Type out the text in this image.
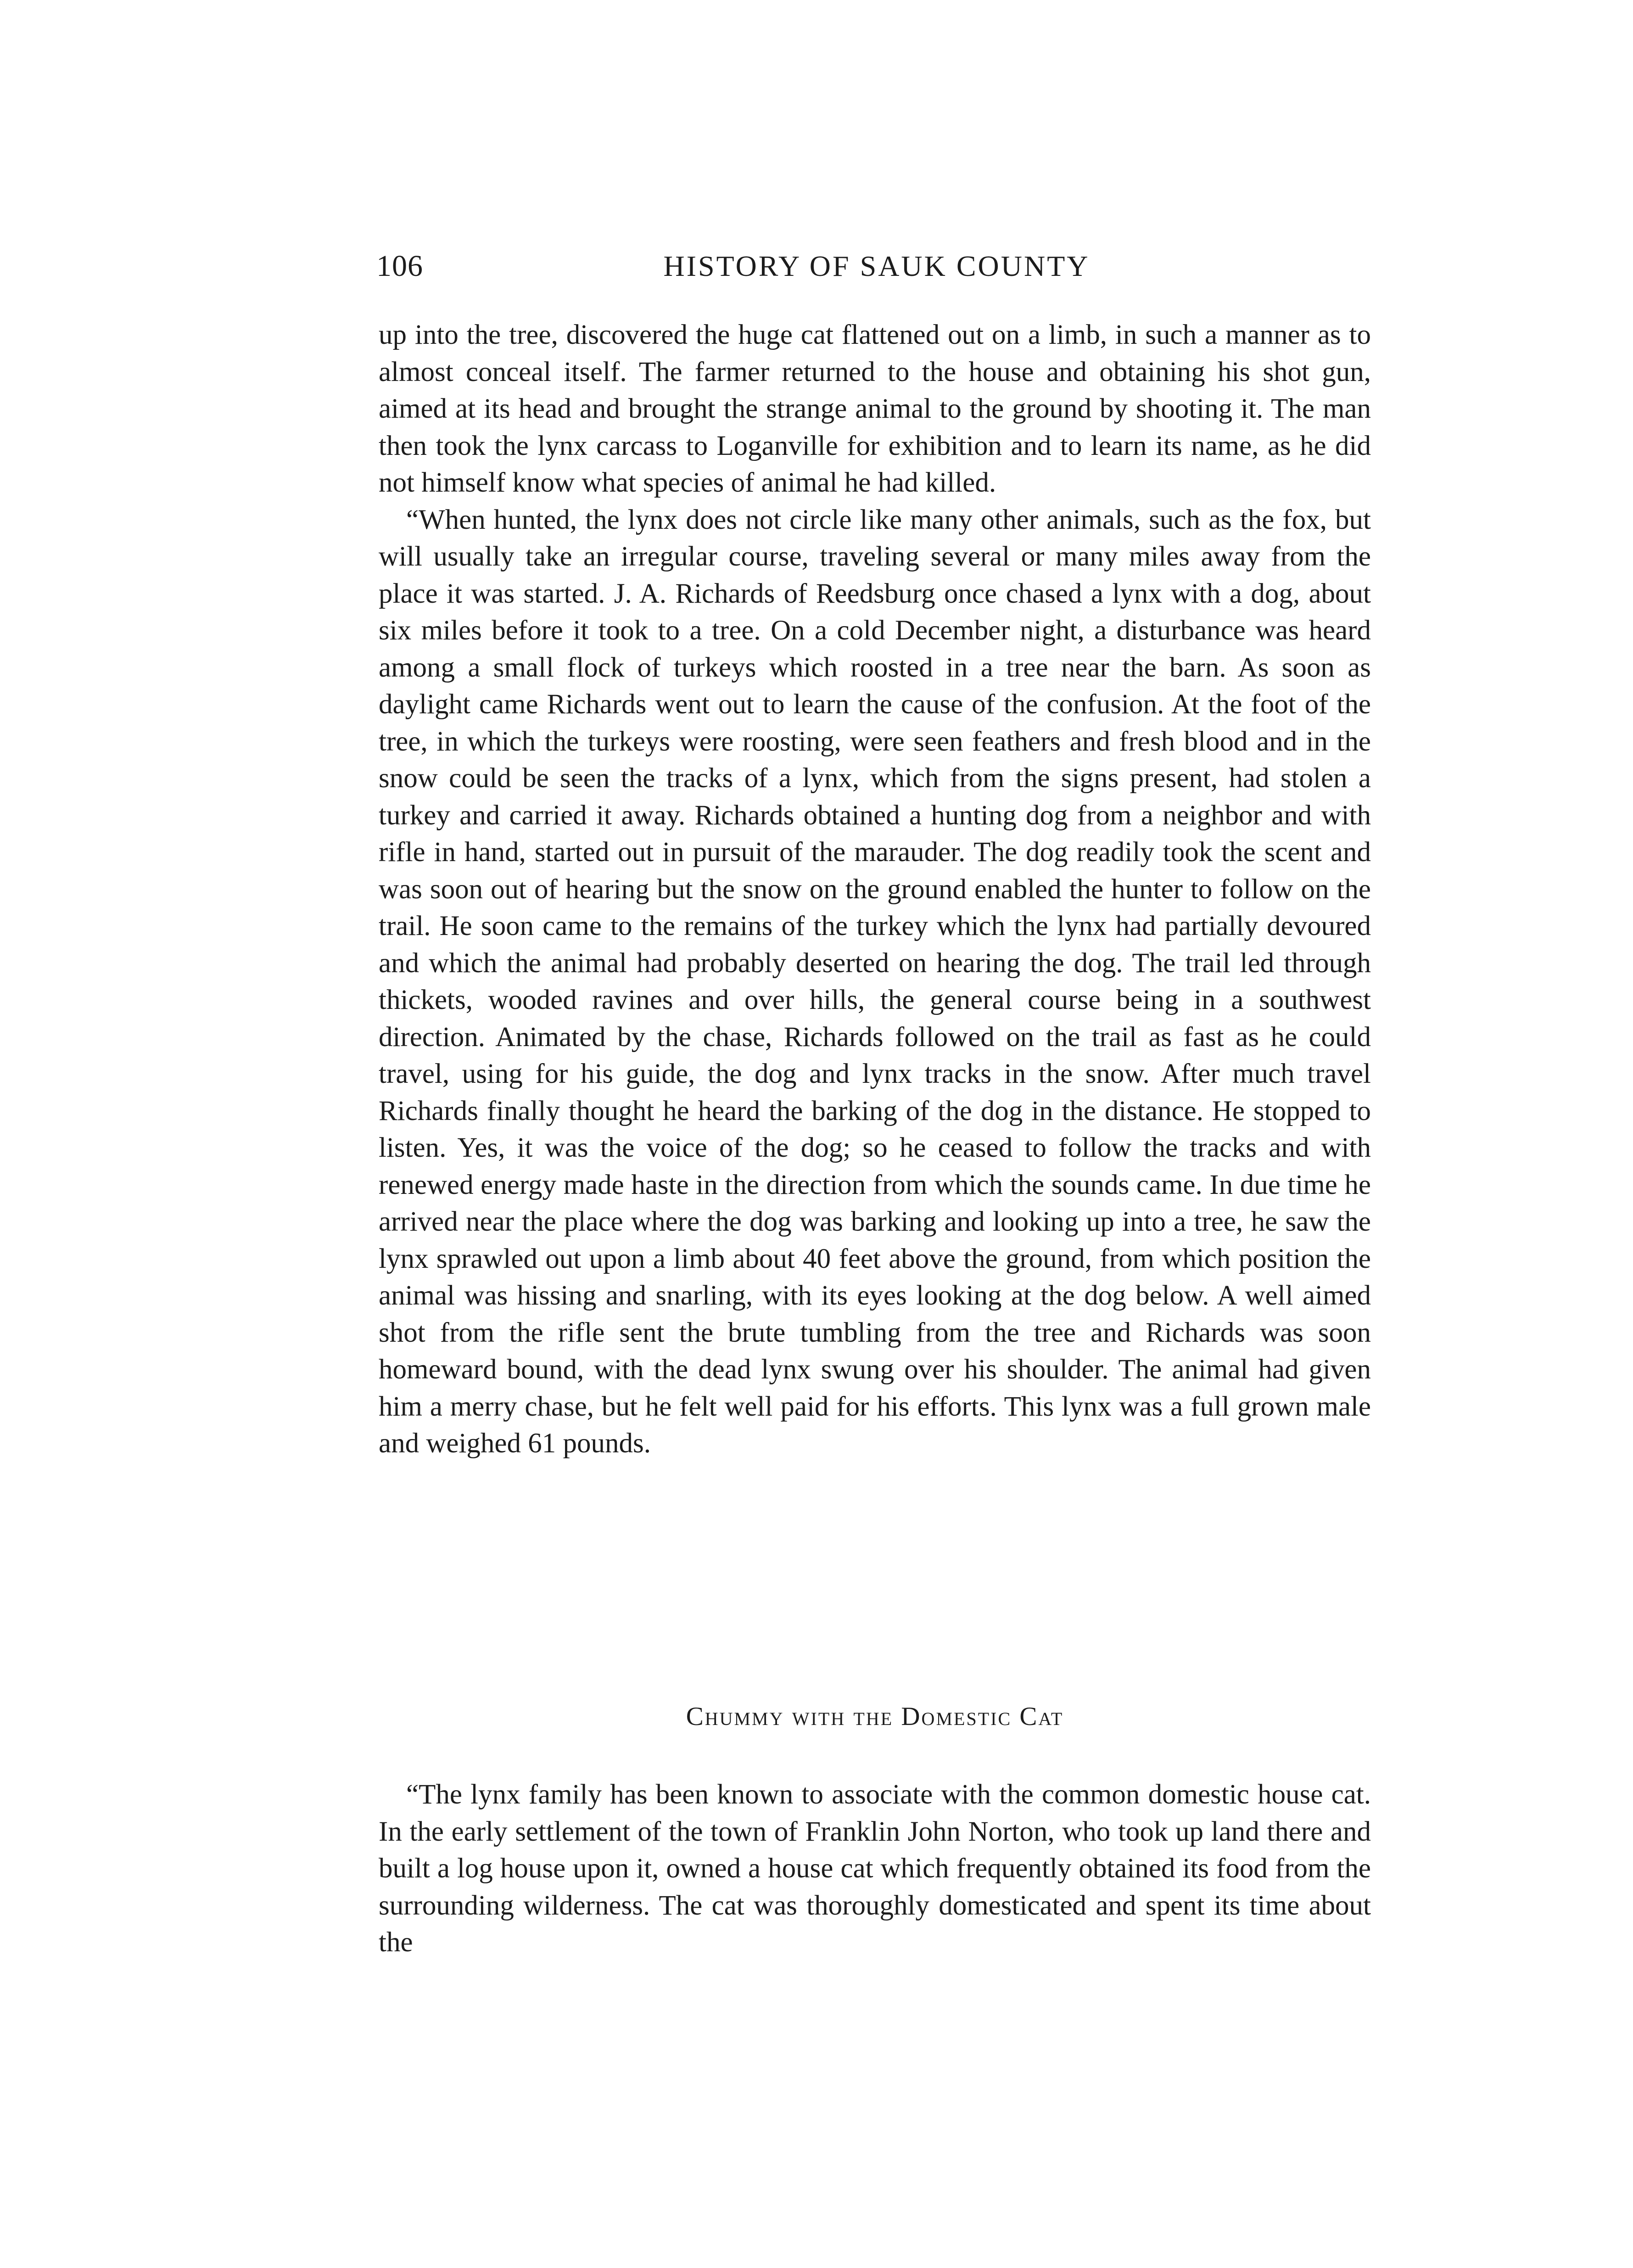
106	HISTORY OF SAUK COUNTY

up into the tree, discovered the huge cat flattened out on a limb, in such a manner as to almost conceal itself. The farmer returned to the house and obtaining his shot gun, aimed at its head and brought the strange animal to the ground by shooting it. The man then took the lynx carcass to Loganville for exhibition and to learn its name, as he did not himself know what species of animal he had killed.

“When hunted, the lynx does not circle like many other animals, such as the fox, but will usually take an irregular course, traveling several or many miles away from the place it was started. J. A. Richards of Reedsburg once chased a lynx with a dog, about six miles before it took to a tree. On a cold December night, a disturbance was heard among a small flock of turkeys which roosted in a tree near the barn. As soon as daylight came Richards went out to learn the cause of the confusion. At the foot of the tree, in which the turkeys were roosting, were seen feathers and fresh blood and in the snow could be seen the tracks of a lynx, which from the signs present, had stolen a turkey and carried it away. Richards obtained a hunting dog from a neighbor and with rifle in hand, started out in pursuit of the marauder. The dog readily took the scent and was soon out of hearing but the snow on the ground enabled the hunter to follow on the trail. He soon came to the remains of the turkey which the lynx had partially devoured and which the animal had probably deserted on hearing the dog. The trail led through thickets, wooded ravines and over hills, the general course being in a southwest direction. Animated by the chase, Richards followed on the trail as fast as he could travel, using for his guide, the dog and lynx tracks in the snow. After much travel Richards finally thought he heard the barking of the dog in the distance. He stopped to listen. Yes, it was the voice of the dog; so he ceased to follow the tracks and with renewed energy made haste in the direction from which the sounds came. In due time he arrived near the place where the dog was barking and looking up into a tree, he saw the lynx sprawled out upon a limb about 40 feet above the ground, from which position the animal was hissing and snarling, with its eyes looking at the dog below. A well aimed shot from the rifle sent the brute tumbling from the tree and Richards was soon homeward bound, with the dead lynx swung over his shoulder. The animal had given him a merry chase, but he felt well paid for his efforts. This lynx was a full grown male and weighed 61 pounds.

Chummy with the Domestic Cat

“The lynx family has been known to associate with the common domestic house cat. In the early settlement of the town of Franklin John Norton, who took up land there and built a log house upon it, owned a house cat which frequently obtained its food from the surrounding wilderness. The cat was thoroughly domesticated and spent its time about the
